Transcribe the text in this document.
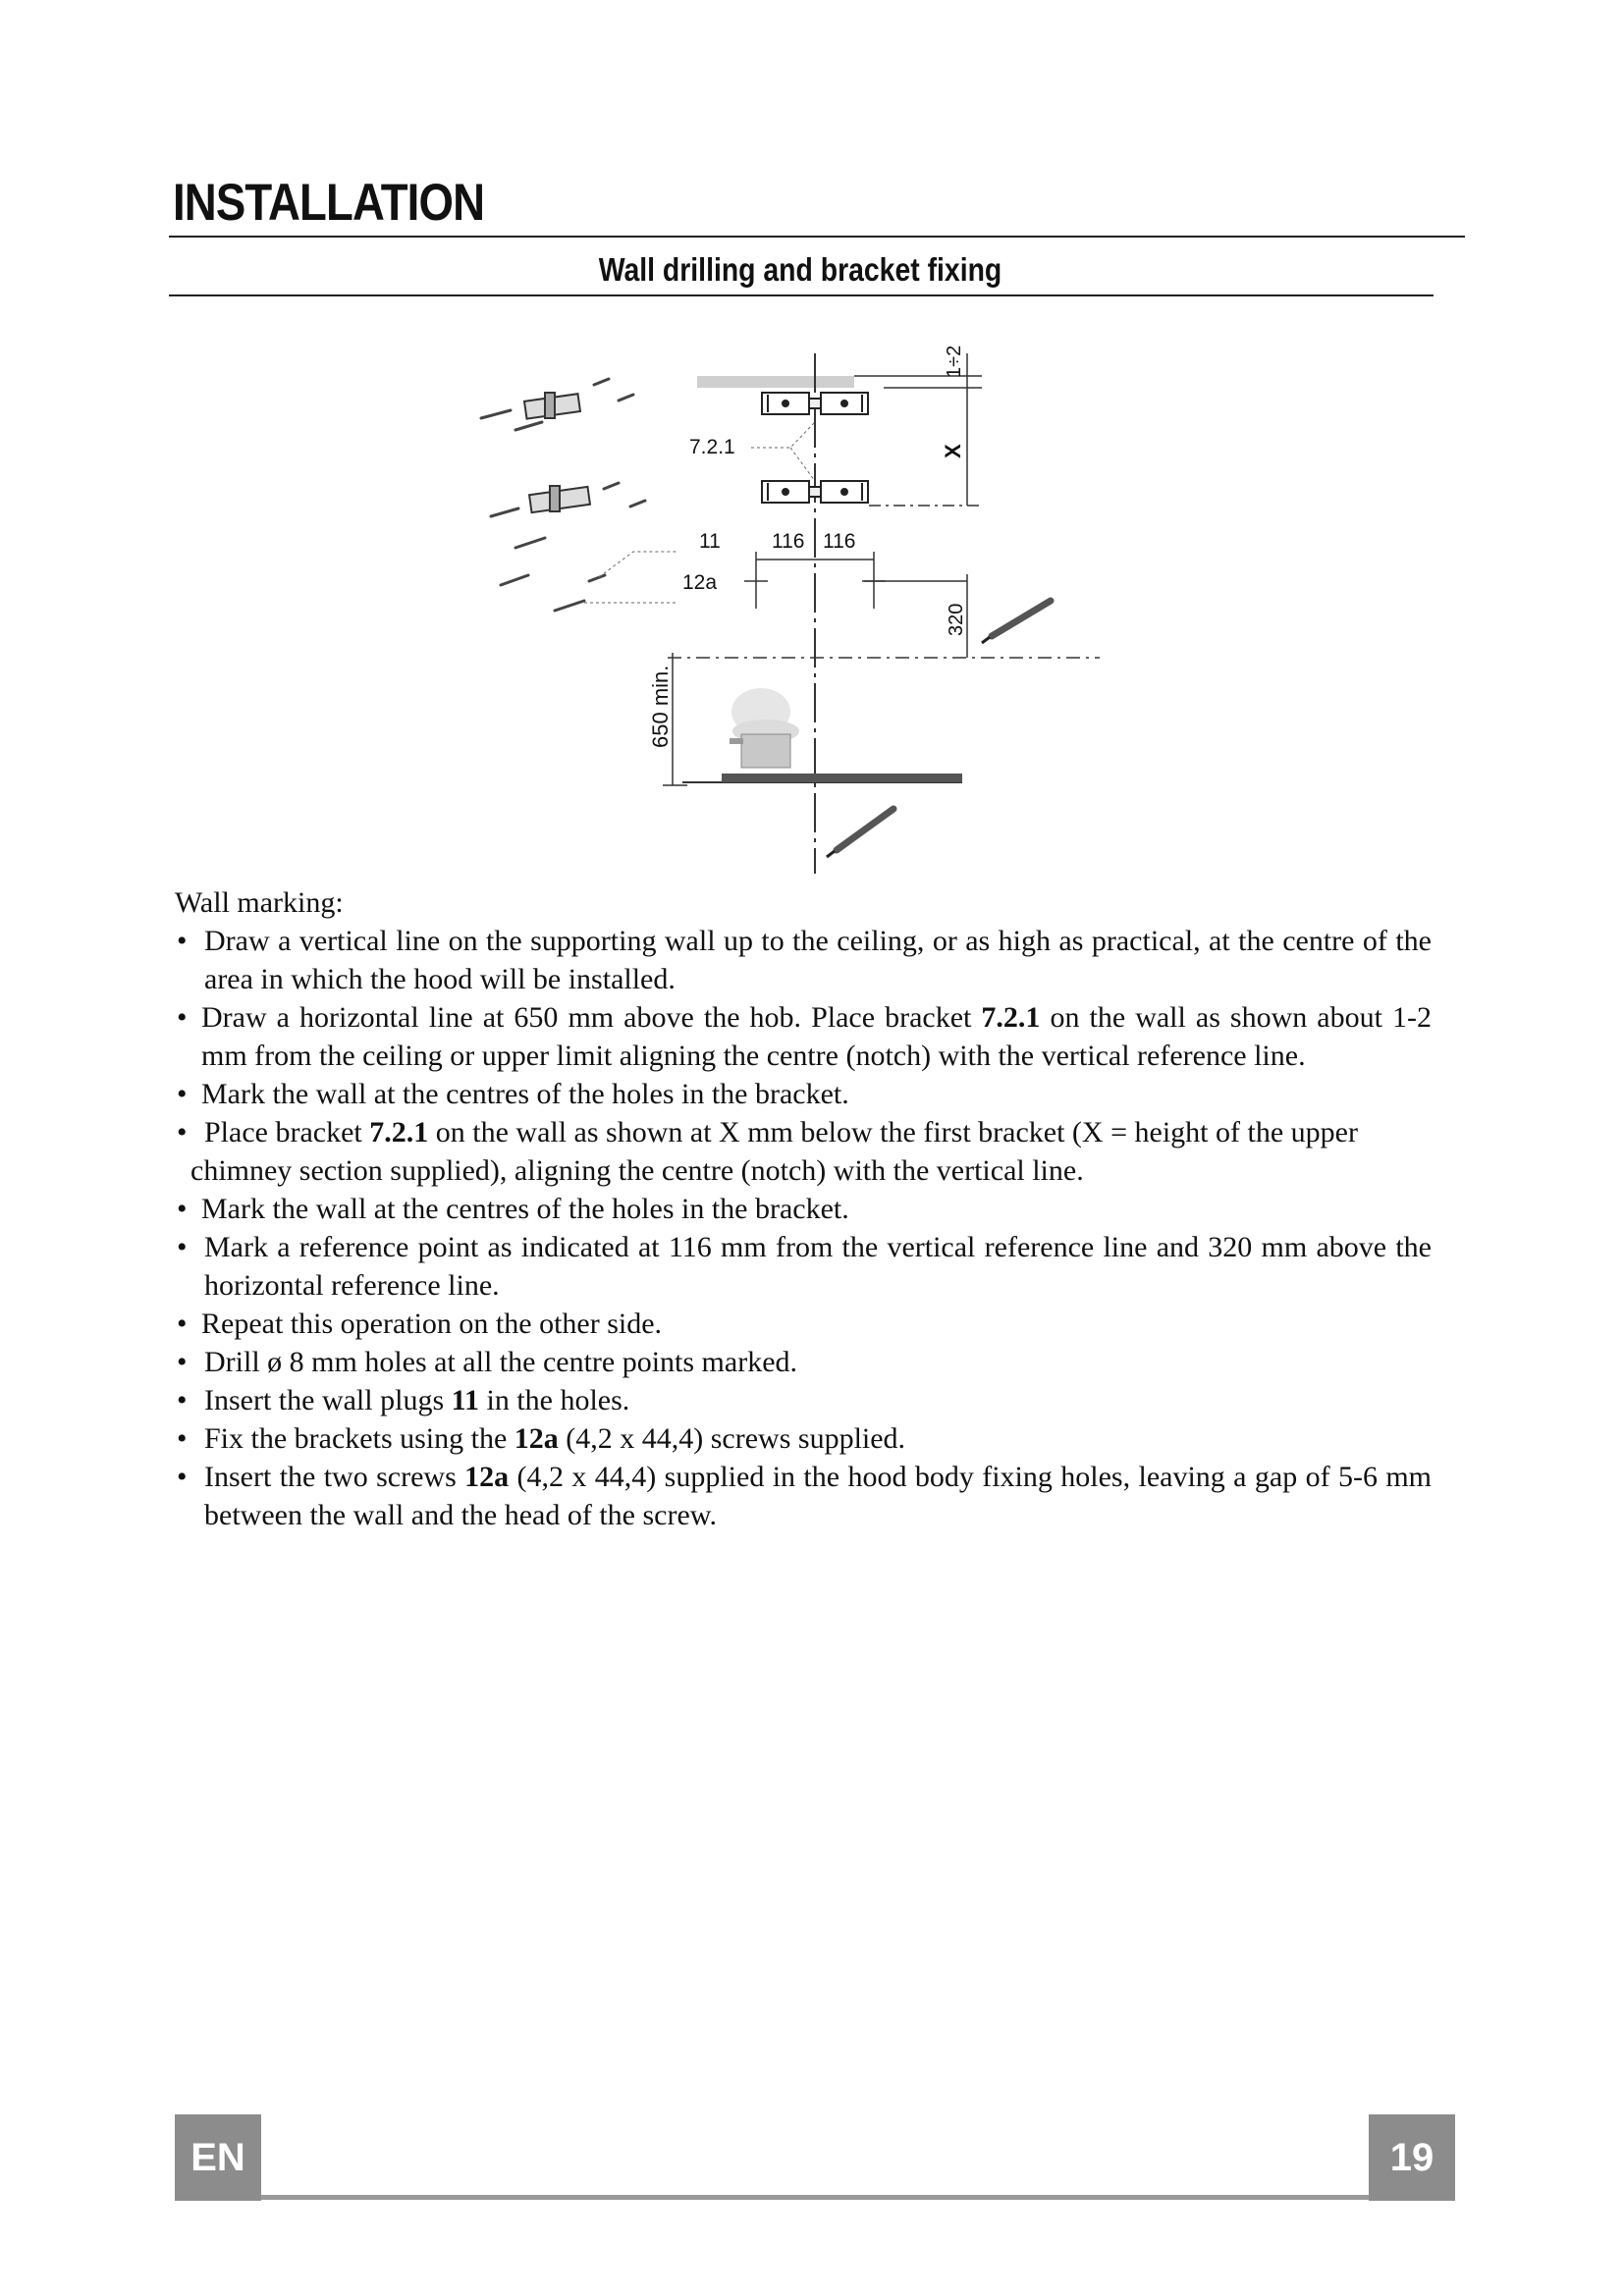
INSTALLATION
Wall drilling and bracket fixing
7.2.1
1÷2
X
11
12a
116 116
320
650 min.

Wall marking:

• Draw a vertical line on the supporting wall up to the ceiling, or as high as practical, at the centre of the area in which the hood will be installed.
• Draw a horizontal line at 650 mm above the hob. Place bracket 7.2.1 on the wall as shown about 1-2 mm from the ceiling or upper limit aligning the centre (notch) with the vertical reference line.
• Mark the wall at the centres of the holes in the bracket.
• Place bracket 7.2.1 on the wall as shown at X mm below the first bracket (X = height of the upper
chimney section supplied), aligning the centre (notch) with the vertical line.
• Mark the wall at the centres of the holes in the bracket.
• Mark a reference point as indicated at 116 mm from the vertical reference line and 320 mm above the horizontal reference line.
• Repeat this operation on the other side.
• Drill ø 8 mm holes at all the centre points marked.
• Insert the wall plugs 11 in the holes.
• Fix the brackets using the 12a (4,2 x 44,4) screws supplied.
• Insert the two screws 12a (4,2 x 44,4) supplied in the hood body fixing holes, leaving a gap of 5-6 mm between the wall and the head of the screw.
EN	19
